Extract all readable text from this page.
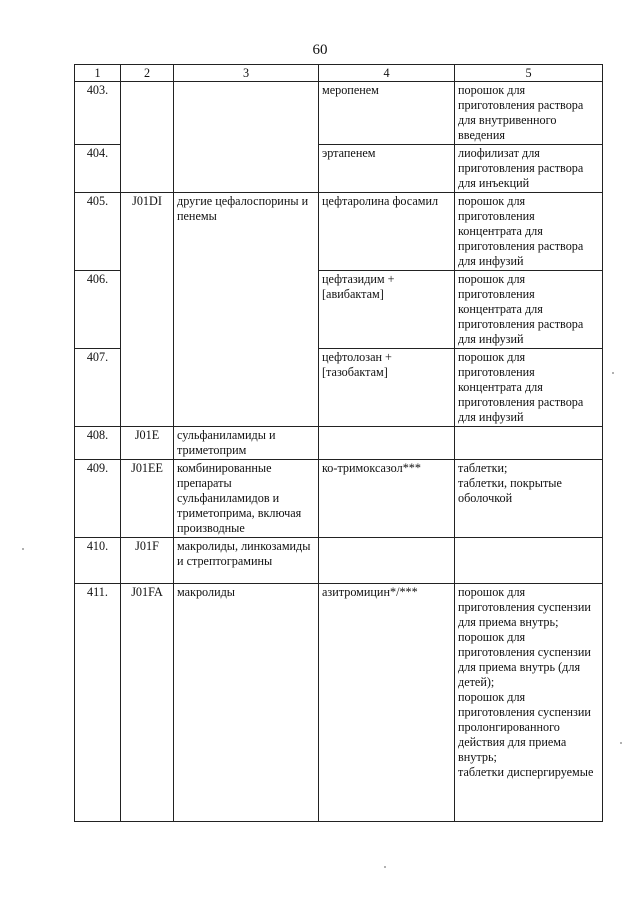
60
1	2	3	4	5
403.			меропенем	порошок для приготовления раствора для внутривенного введения
404.			эртапенем	лиофилизат для приготовления раствора для инъекций
405.	J01DI	другие цефалоспорины и пенемы	цефтаролина фосамил	порошок для приготовления концентрата для приготовления раствора для инфузий
406.			цефтазидим + [авибактам]	порошок для приготовления концентрата для приготовления раствора для инфузий
407.			цефтолозан + [тазобактам]	порошок для приготовления концентрата для приготовления раствора для инфузий
408.	J01E	сульфаниламиды и триметоприм		
409.	J01EE	комбинированные препараты сульфаниламидов и триметоприма, включая производные	ко-тримоксазол***	таблетки;
таблетки, покрытые оболочкой

410.	J01F	макролиды, линкозамиды и стрептограмины		
411.	J01FA	макролиды	азитромицин*/***	порошок для приготовления суспензии для приема внутрь;
порошок для приготовления суспензии для приема внутрь (для детей);
порошок для приготовления суспензии пролонгированного действия для приема внутрь;
таблетки диспергируемые
